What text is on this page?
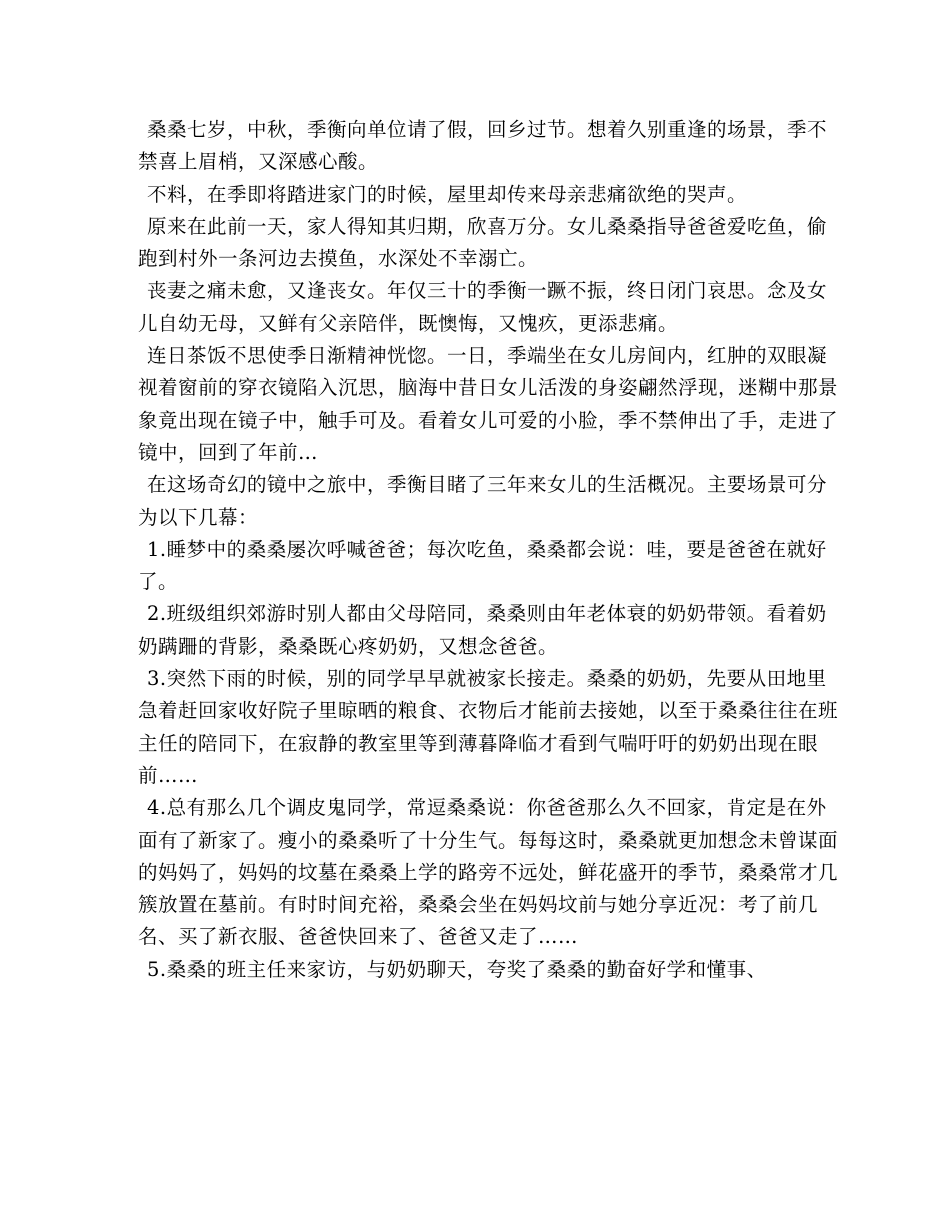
桑桑七岁，中秋，季衡向单位请了假，回乡过节。想着久别重逢的场景，季不禁喜上眉梢，又深感心酸。

不料，在季即将踏进家门的时候，屋里却传来母亲悲痛欲绝的哭声。

原来在此前一天，家人得知其归期，欣喜万分。女儿桑桑指导爸爸爱吃鱼，偷跑到村外一条河边去摸鱼，水深处不幸溺亡。

丧妻之痛未愈，又逢丧女。年仅三十的季衡一蹶不振，终日闭门哀思。念及女儿自幼无母，又鲜有父亲陪伴，既懊悔，又愧疚，更添悲痛。

连日茶饭不思使季日渐精神恍惚。一日，季端坐在女儿房间内，红肿的双眼凝视着窗前的穿衣镜陷入沉思，脑海中昔日女儿活泼的身姿翩然浮现，迷糊中那景象竟出现在镜子中，触手可及。看着女儿可爱的小脸，季不禁伸出了手，走进了镜中，回到了年前…

在这场奇幻的镜中之旅中，季衡目睹了三年来女儿的生活概况。主要场景可分为以下几幕：

1.睡梦中的桑桑屡次呼喊爸爸；每次吃鱼，桑桑都会说：哇，要是爸爸在就好了。

2.班级组织郊游时别人都由父母陪同，桑桑则由年老体衰的奶奶带领。看着奶奶蹒跚的背影，桑桑既心疼奶奶，又想念爸爸。

3.突然下雨的时候，别的同学早早就被家长接走。桑桑的奶奶，先要从田地里急着赶回家收好院子里晾晒的粮食、衣物后才能前去接她，以至于桑桑往往在班主任的陪同下，在寂静的教室里等到薄暮降临才看到气喘吁吁的奶奶出现在眼前……

4.总有那么几个调皮鬼同学，常逗桑桑说：你爸爸那么久不回家，肯定是在外面有了新家了。瘦小的桑桑听了十分生气。每每这时，桑桑就更加想念未曾谋面的妈妈了，妈妈的坟墓在桑桑上学的路旁不远处，鲜花盛开的季节，桑桑常才几簇放置在墓前。有时时间充裕，桑桑会坐在妈妈坟前与她分享近况：考了前几名、买了新衣服、爸爸快回来了、爸爸又走了……

5.桑桑的班主任来家访，与奶奶聊天，夸奖了桑桑的勤奋好学和懂事、
